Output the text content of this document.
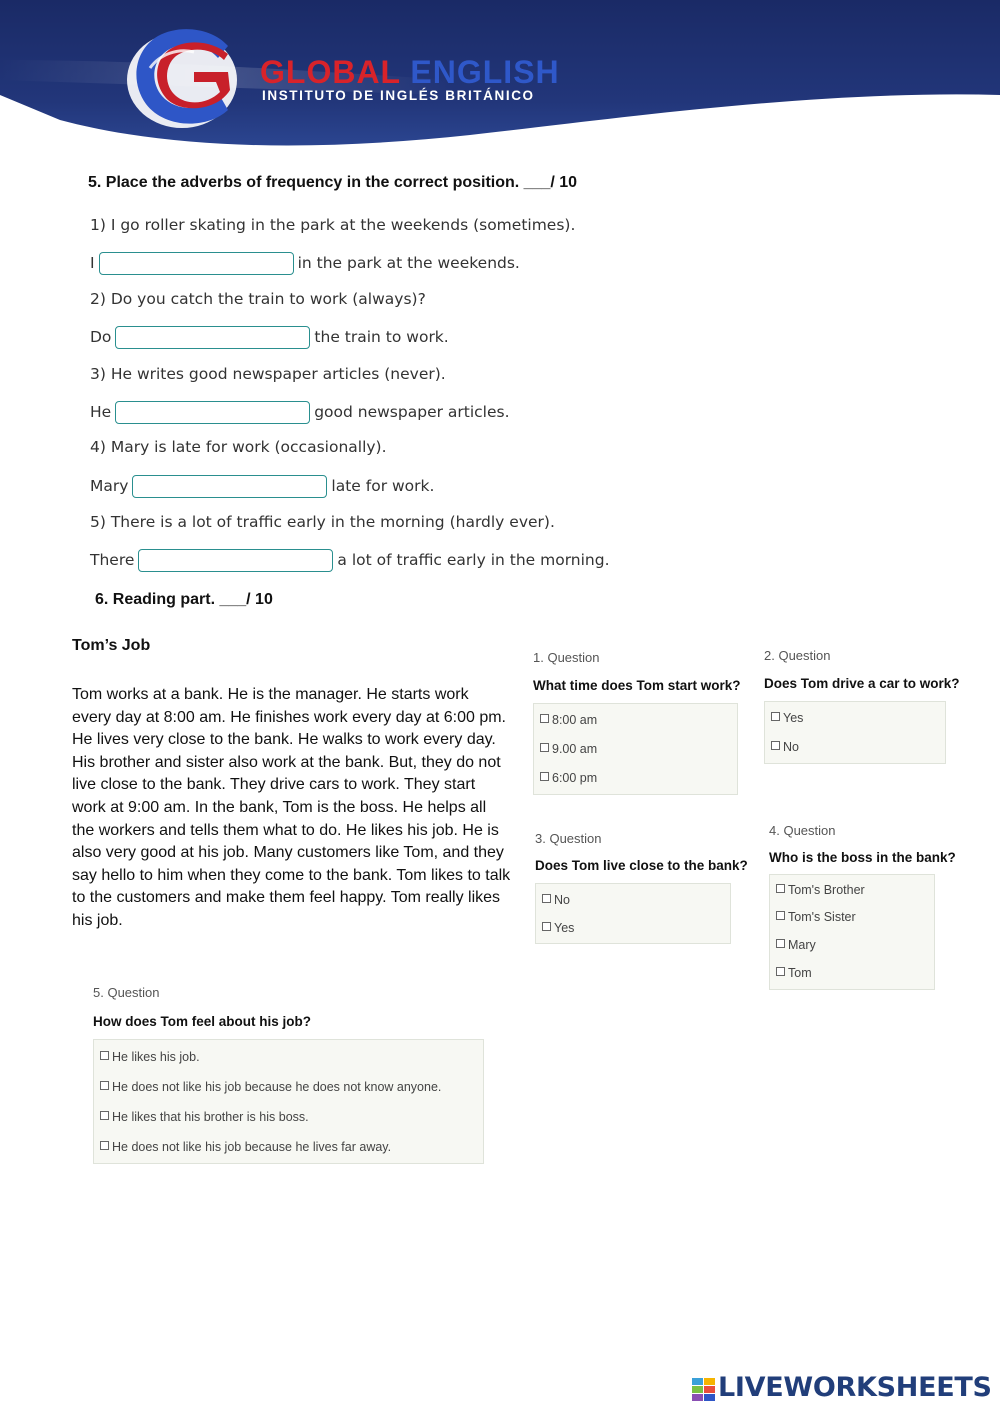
GLOBAL ENGLISH
INSTITUTO DE INGLÉS BRITÁNICO
5. Place the adverbs of frequency in the correct position. ___/ 10
1) I go roller skating in the park at the weekends (sometimes).
I	in the park at the weekends.
2) Do you catch the train to work (always)?
Do	the train to work.
3) He writes good newspaper articles (never).
He	good newspaper articles.
4) Mary is late for work (occasionally).
Mary	late for work.
5) There is a lot of traffic early in the morning (hardly ever).
There	a lot of traffic early in the morning.
6. Reading part. ___/ 10
Tom’s Job
Tom works at a bank. He is the manager. He starts work every day at 8:00 am. He finishes work every day at 6:00 pm. He lives very close to the bank. He walks to work every day. His brother and sister also work at the bank. But, they do not live close to the bank. They drive cars to work. They start work at 9:00 am. In the bank, Tom is the boss. He helps all the workers and tells them what to do. He likes his job. He is also very good at his job. Many customers like Tom, and they say hello to him when they come to the bank. Tom likes to talk to the customers and make them feel happy. Tom really likes his job.
1. Question
What time does Tom start work?
8:00 am
9.00 am
6:00 pm
2. Question
Does Tom drive a car to work?
Yes
No
3. Question
Does Tom live close to the bank?
No
Yes
4. Question
Who is the boss in the bank?
Tom's Brother
Tom's Sister
Mary
Tom
5. Question
How does Tom feel about his job?
He likes his job.
He does not like his job because he does not know anyone.
He likes that his brother is his boss.
He does not like his job because he lives far away.
LIVEWORKSHEETS
